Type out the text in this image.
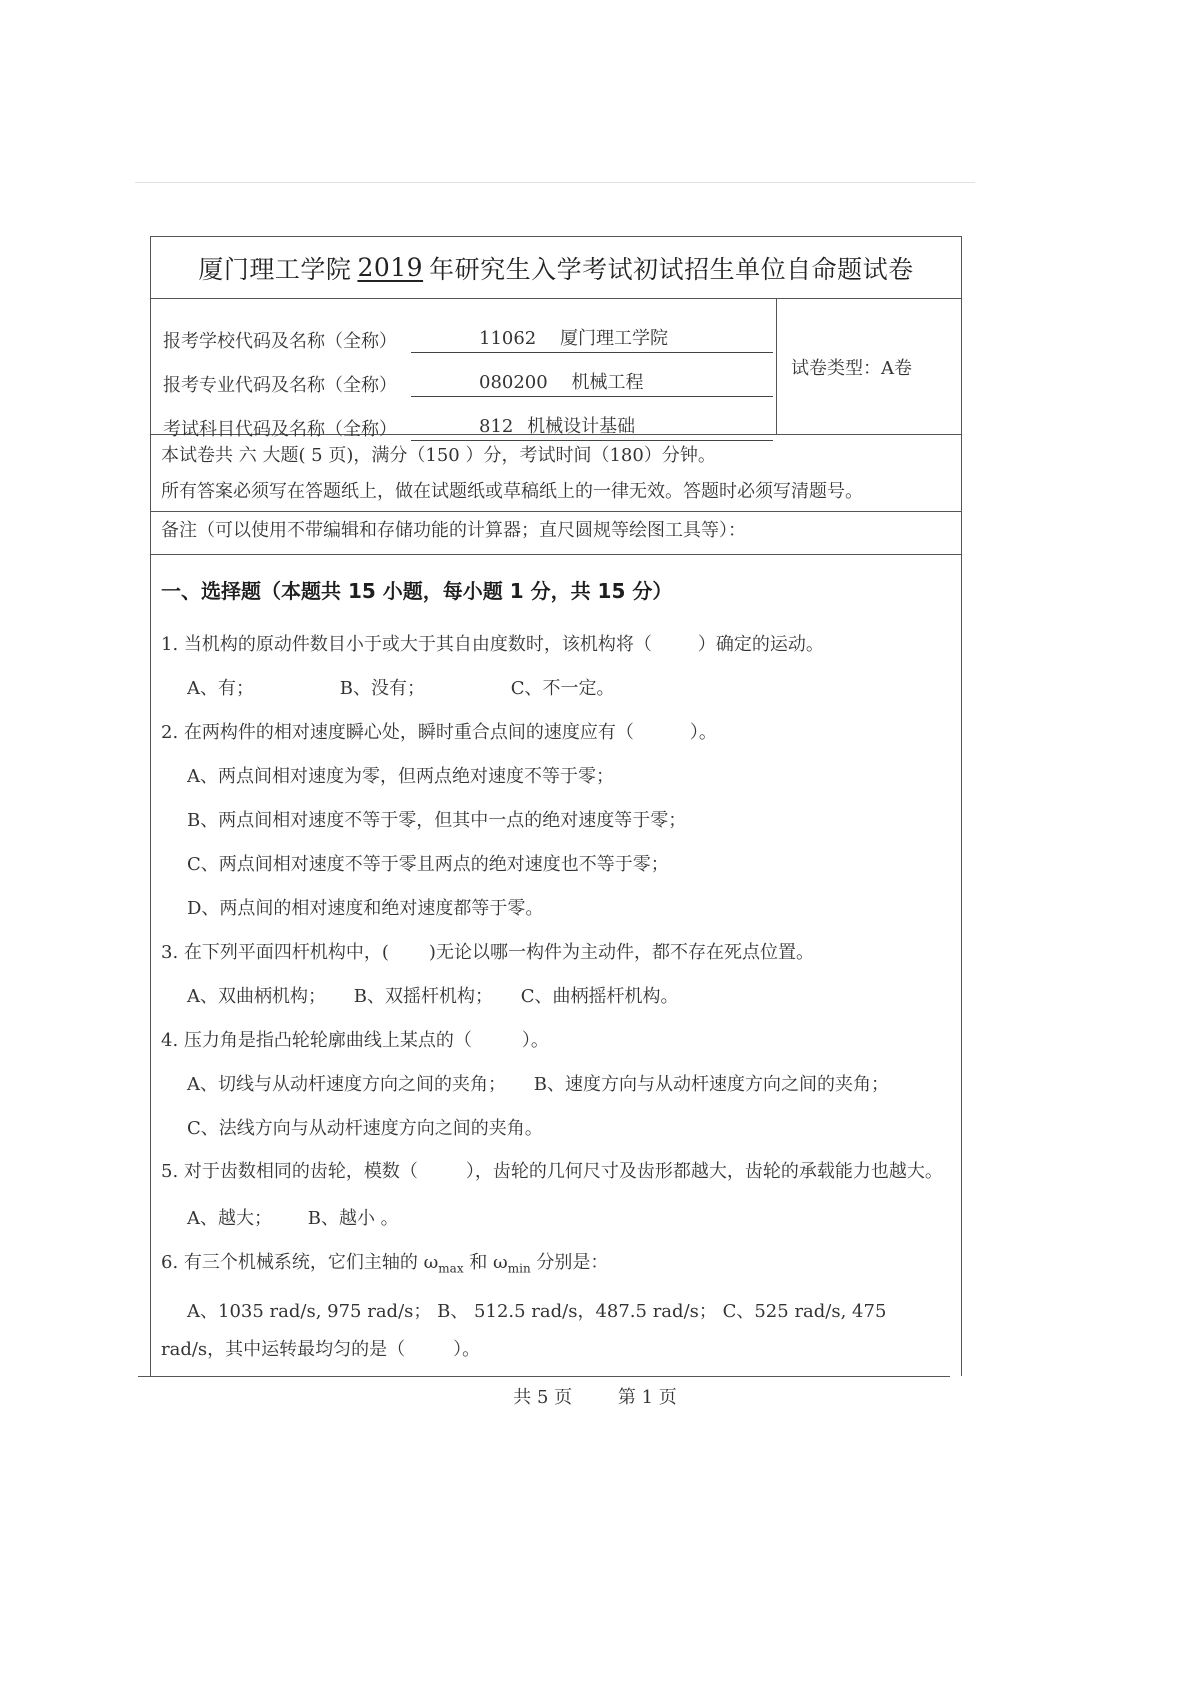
厦门理工学院 2019 年研究生入学考试初试招生单位自命题试卷
报考学校代码及名称（全称）	11062 厦门理工学院
报考专业代码及名称（全称）	080200 机械工程
考试科目代码及名称（全称）	812 机械设计基础
试卷类型：A卷

本试卷共 六 大题( 5 页)，满分（150 ）分，考试时间（180）分钟。

所有答案必须写在答题纸上，做在试题纸或草稿纸上的一律无效。答题时必须写清题号。

备注（可以使用不带编辑和存储功能的计算器；直尺圆规等绘图工具等）：
一、选择题（本题共 15 小题，每小题 1 分，共 15 分）
1. 当机构的原动件数目小于或大于其自由度数时，该机构将（	）确定的运动。
A、有；	B、没有；	C、不一定。
2. 在两构件的相对速度瞬心处，瞬时重合点间的速度应有（	）。
A、两点间相对速度为零，但两点绝对速度不等于零；
B、两点间相对速度不等于零，但其中一点的绝对速度等于零；
C、两点间相对速度不等于零且两点的绝对速度也不等于零；
D、两点间的相对速度和绝对速度都等于零。
3. 在下列平面四杆机构中，( )无论以哪一构件为主动件，都不存在死点位置。
A、双曲柄机构； B、双摇杆机构； C、曲柄摇杆机构。
4. 压力角是指凸轮轮廓曲线上某点的（	）。
A、切线与从动杆速度方向之间的夹角； B、速度方向与从动杆速度方向之间的夹角；
C、法线方向与从动杆速度方向之间的夹角。
5. 对于齿数相同的齿轮，模数（	），齿轮的几何尺寸及齿形都越大，齿轮的承载能力也越大。
A、越大； B、越小 。
6. 有三个机械系统，它们主轴的 $\omega_{max}$ 和 $\omega_{min}$ 分别是：
A、1035 rad/s, 975 rad/s； B、 512.5 rad/s，487.5 rad/s； C、525 rad/s, 475 rad/s，其中运转最均匀的是（	）。
共 5 页	第 1 页
